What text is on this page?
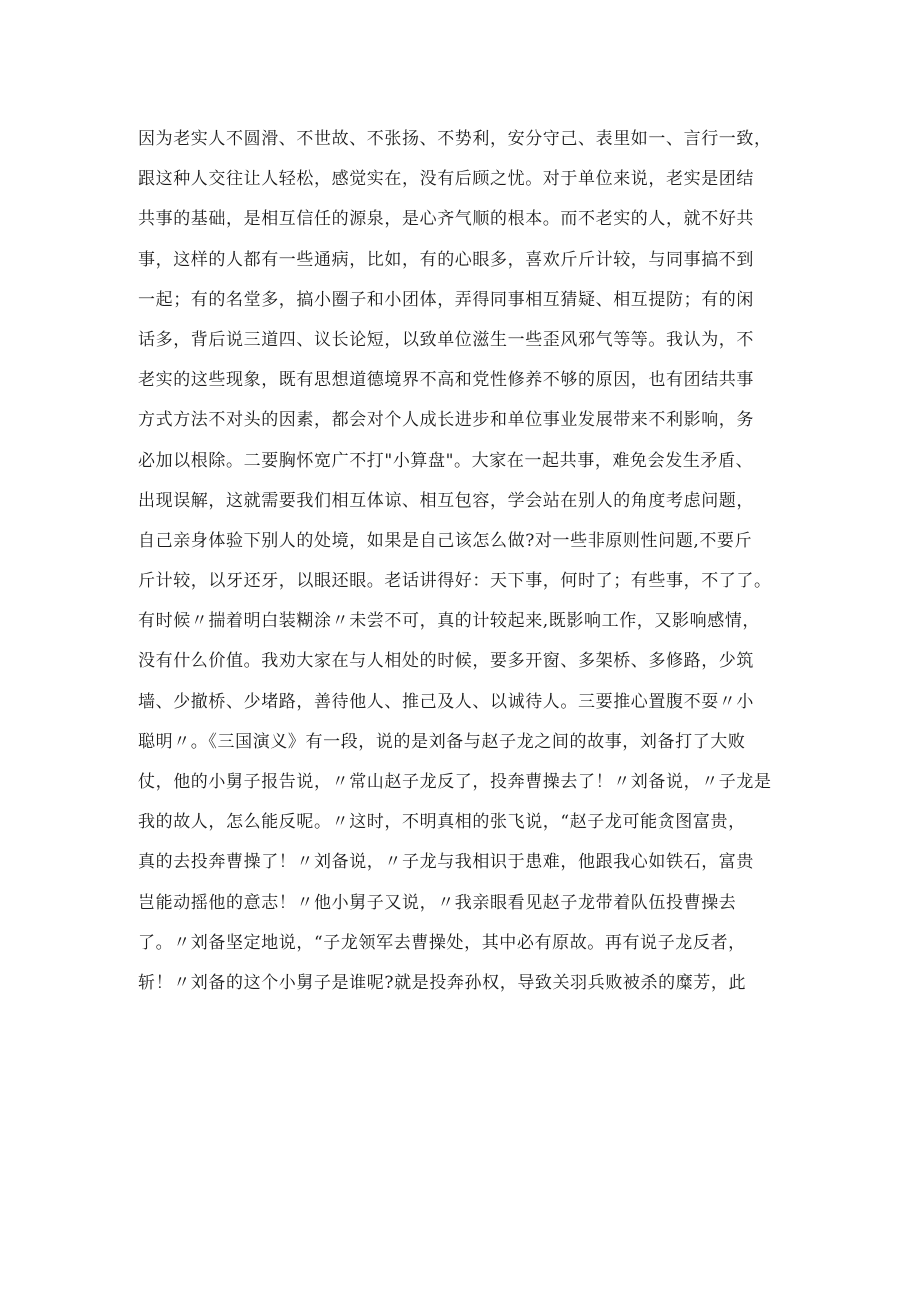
因为老实人不圆滑、不世故、不张扬、不势利，安分守己、表里如一、言行一致，
跟这种人交往让人轻松，感觉实在，没有后顾之忧。对于单位来说，老实是团结
共事的基础，是相互信任的源泉，是心齐气顺的根本。而不老实的人，就不好共
事，这样的人都有一些通病，比如，有的心眼多，喜欢斤斤计较，与同事搞不到
一起；有的名堂多，搞小圈子和小团体，弄得同事相互猜疑、相互提防；有的闲
话多，背后说三道四、议长论短，以致单位滋生一些歪风邪气等等。我认为，不
老实的这些现象，既有思想道德境界不高和党性修养不够的原因，也有团结共事
方式方法不对头的因素，都会对个人成长进步和单位事业发展带来不利影响，务
必加以根除。二要胸怀宽广不打"小算盘"。大家在一起共事，难免会发生矛盾、
出现误解，这就需要我们相互体谅、相互包容，学会站在别人的角度考虑问题，
自己亲身体验下别人的处境，如果是自己该怎么做?对一些非原则性问题,不要斤
斤计较，以牙还牙，以眼还眼。老话讲得好：天下事，何时了；有些事，不了了。
有时候〃揣着明白装糊涂〃未尝不可，真的计较起来,既影响工作，又影响感情，
没有什么价值。我劝大家在与人相处的时候，要多开窗、多架桥、多修路，少筑
墙、少撤桥、少堵路，善待他人、推己及人、以诚待人。三要推心置腹不耍〃小
聪明〃。《三国演义》有一段，说的是刘备与赵子龙之间的故事，刘备打了大败
仗，他的小舅子报告说，〃常山赵子龙反了，投奔曹操去了！〃刘备说，〃子龙是
我的故人，怎么能反呢。〃这时，不明真相的张飞说，“赵子龙可能贪图富贵，
真的去投奔曹操了！〃刘备说，〃子龙与我相识于患难，他跟我心如铁石，富贵
岂能动摇他的意志！〃他小舅子又说，〃我亲眼看见赵子龙带着队伍投曹操去
了。〃刘备坚定地说，“子龙领军去曹操处，其中必有原故。再有说子龙反者，
斩！〃刘备的这个小舅子是谁呢?就是投奔孙权，导致关羽兵败被杀的糜芳，此
